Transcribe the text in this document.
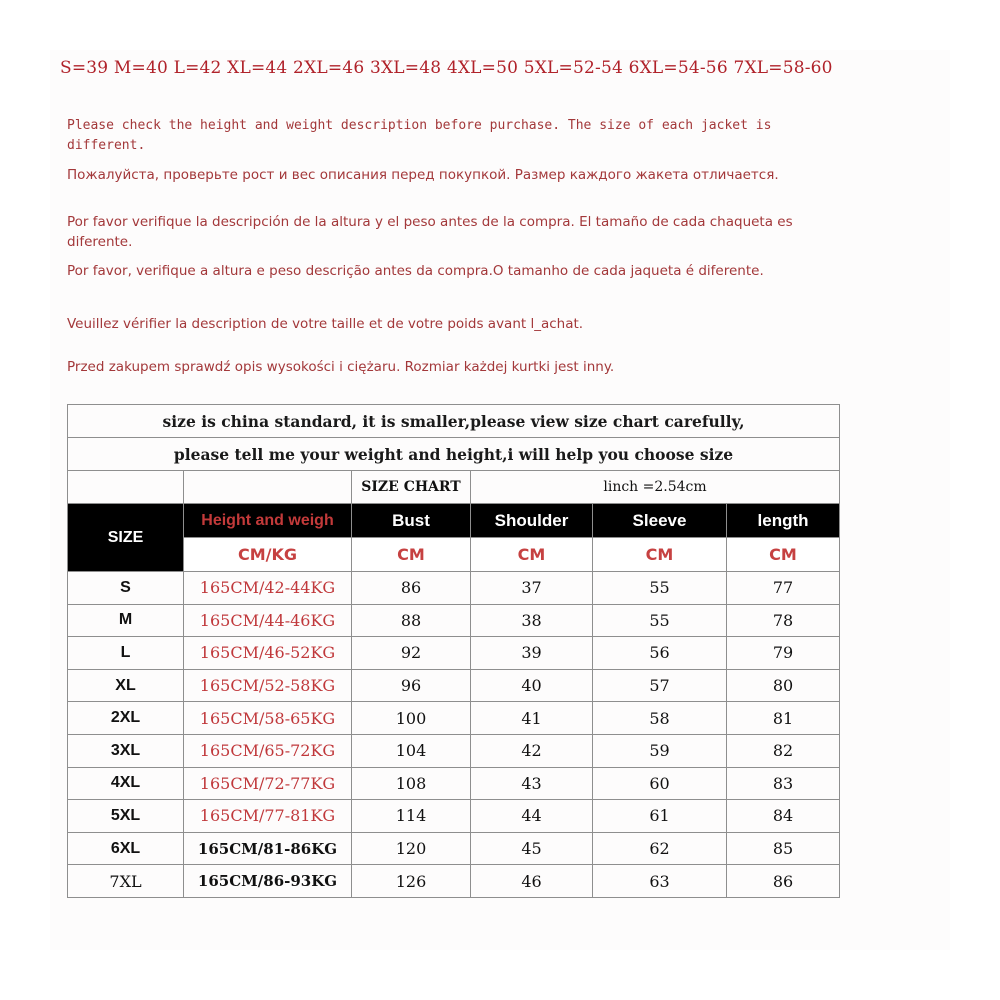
S=39 M=40 L=42 XL=44 2XL=46 3XL=48 4XL=50 5XL=52-54 6XL=54-56 7XL=58-60
Please check the height and weight description before purchase. The size of each jacket is different.
Пожалуйста, проверьте рост и вес описания перед покупкой. Размер каждого жакета отличается.
Por favor verifique la descripción de la altura y el peso antes de la compra. El tamaño de cada chaqueta es diferente.
Por favor, verifique a altura e peso descrição antes da compra.O tamanho de cada jaqueta é diferente.
Veuillez vérifier la description de votre taille et de votre poids avant l_achat.
Przed zakupem sprawdź opis wysokości i ciężaru. Rozmiar każdej kurtki jest inny.
size is china standard, it is smaller,please view size chart carefully,					
please tell me your weight and height,i will help you choose size					
		SIZE CHART	linch =2.54cm		
SIZE	Height and weigh	Bust	Shoulder	Sleeve	length
	CM/KG	CM	CM	CM	CM
S	165CM/42-44KG	86	37	55	77
M	165CM/44-46KG	88	38	55	78
L	165CM/46-52KG	92	39	56	79
XL	165CM/52-58KG	96	40	57	80
2XL	165CM/58-65KG	100	41	58	81
3XL	165CM/65-72KG	104	42	59	82
4XL	165CM/72-77KG	108	43	60	83
5XL	165CM/77-81KG	114	44	61	84
6XL	165CM/81-86KG	120	45	62	85
7XL	165CM/86-93KG	126	46	63	86
